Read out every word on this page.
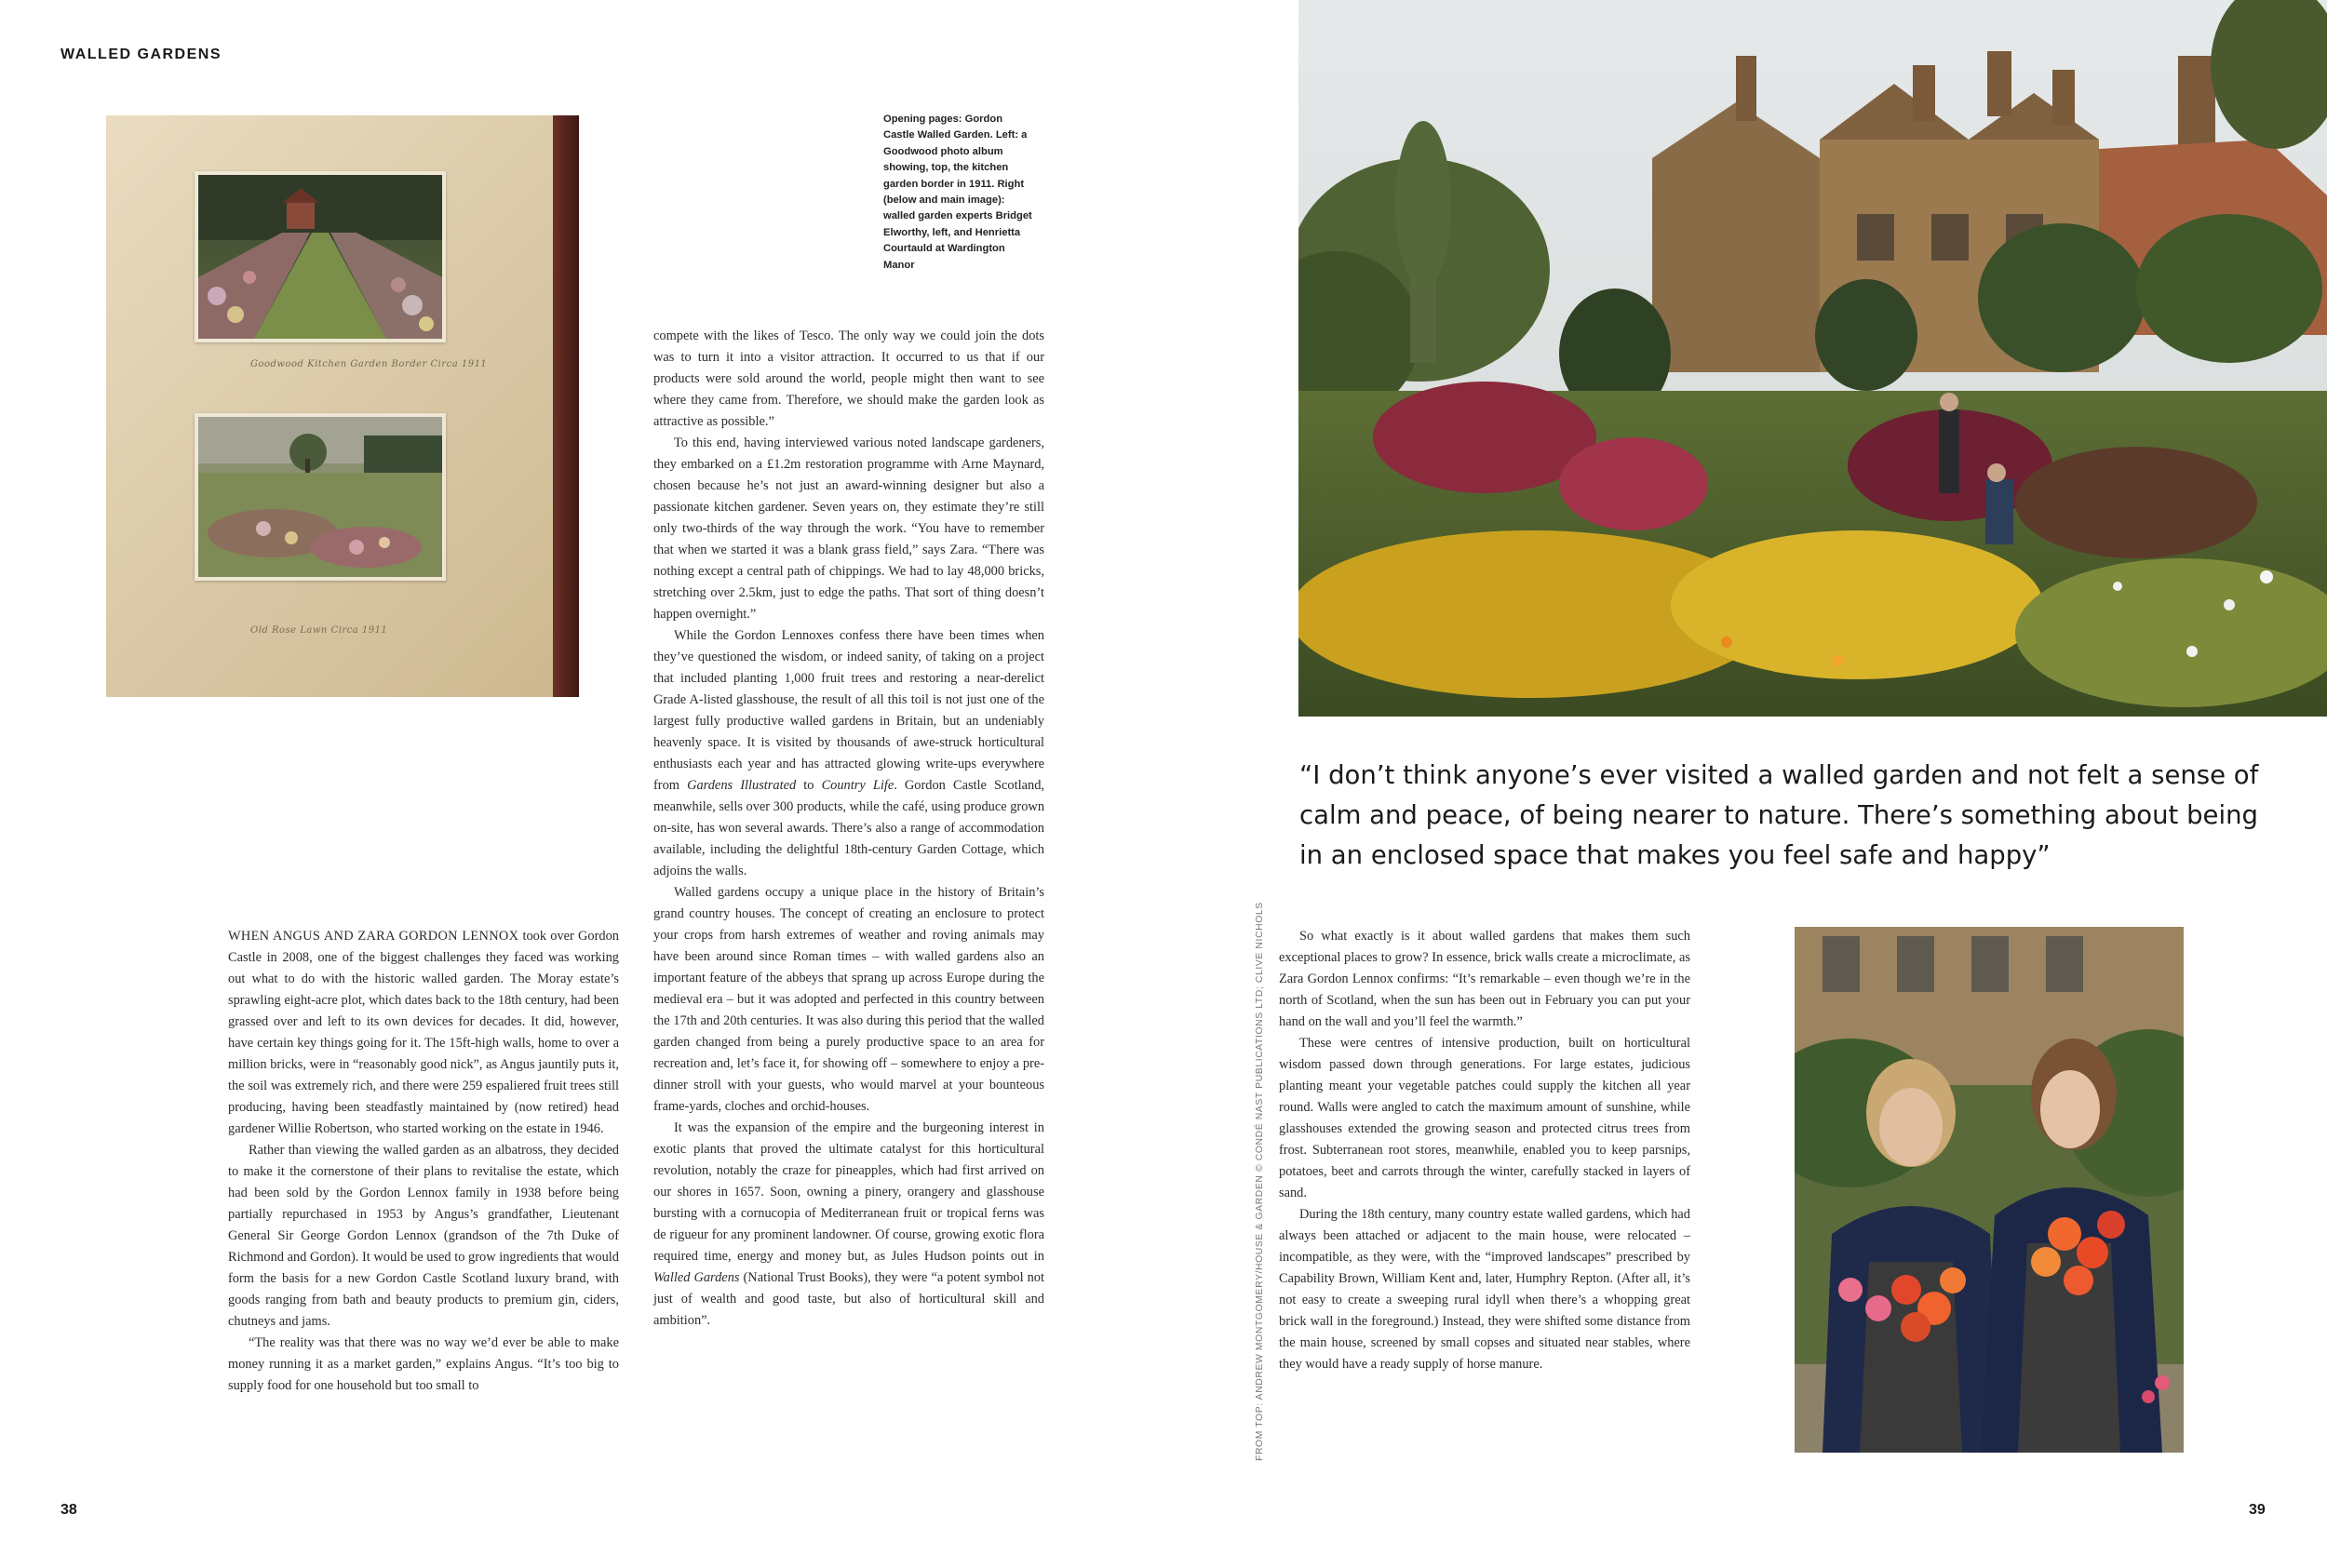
WALLED GARDENS
38	39
Goodwood Kitchen Garden Border Circa 1911
Old Rose Lawn Circa 1911
Opening pages: Gordon Castle Walled Garden. Left: a Goodwood photo album showing, top, the kitchen garden border in 1911. Right (below and main image): walled garden experts Bridget Elworthy, left, and Henrietta Courtauld at Wardington Manor

WHEN ANGUS AND ZARA GORDON LENNOX took over Gordon Castle in 2008, one of the biggest challenges they faced was working out what to do with the historic walled garden. The Moray estate’s sprawling eight-acre plot, which dates back to the 18th century, had been grassed over and left to its own devices for decades. It did, however, have certain key things going for it. The 15ft-high walls, home to over a million bricks, were in “reasonably good nick”, as Angus jauntily puts it, the soil was extremely rich, and there were 259 espaliered fruit trees still producing, having been steadfastly maintained by (now retired) head gardener Willie Robertson, who started working on the estate in 1946.

Rather than viewing the walled garden as an albatross, they decided to make it the cornerstone of their plans to revitalise the estate, which had been sold by the Gordon Lennox family in 1938 before being partially repurchased in 1953 by Angus’s grandfather, Lieutenant General Sir George Gordon Lennox (grandson of the 7th Duke of Richmond and Gordon). It would be used to grow ingredients that would form the basis for a new Gordon Castle Scotland luxury brand, with goods ranging from bath and beauty products to premium gin, ciders, chutneys and jams.

“The reality was that there was no way we’d ever be able to make money running it as a market garden,” explains Angus. “It’s too big to supply food for one household but too small to

compete with the likes of Tesco. The only way we could join the dots was to turn it into a visitor attraction. It occurred to us that if our products were sold around the world, people might then want to see where they came from. Therefore, we should make the garden look as attractive as possible.”

To this end, having interviewed various noted landscape gardeners, they embarked on a £1.2m restoration programme with Arne Maynard, chosen because he’s not just an award-winning designer but also a passionate kitchen gardener. Seven years on, they estimate they’re still only two-thirds of the way through the work. “You have to remember that when we started it was a blank grass field,” says Zara. “There was nothing except a central path of chippings. We had to lay 48,000 bricks, stretching over 2.5km, just to edge the paths. That sort of thing doesn’t happen overnight.”

While the Gordon Lennoxes confess there have been times when they’ve questioned the wisdom, or indeed sanity, of taking on a project that included planting 1,000 fruit trees and restoring a near-derelict Grade A-listed glasshouse, the result of all this toil is not just one of the largest fully productive walled gardens in Britain, but an undeniably heavenly space. It is visited by thousands of awe-struck horticultural enthusiasts each year and has attracted glowing write-ups everywhere from Gardens Illustrated to Country Life. Gordon Castle Scotland, meanwhile, sells over 300 products, while the café, using produce grown on-site, has won several awards. There’s also a range of accommodation available, including the delightful 18th-century Garden Cottage, which adjoins the walls.

Walled gardens occupy a unique place in the history of Britain’s grand country houses. The concept of creating an enclosure to protect your crops from harsh extremes of weather and roving animals may have been around since Roman times – with walled gardens also an important feature of the abbeys that sprang up across Europe during the medieval era – but it was adopted and perfected in this country between the 17th and 20th centuries. It was also during this period that the walled garden changed from being a purely productive space to an area for recreation and, let’s face it, for showing off – somewhere to enjoy a pre-dinner stroll with your guests, who would marvel at your bounteous frame-yards, cloches and orchid-houses.

It was the expansion of the empire and the burgeoning interest in exotic plants that proved the ultimate catalyst for this horticultural revolution, notably the craze for pineapples, which had first arrived on our shores in 1657. Soon, owning a pinery, orangery and glasshouse bursting with a cornucopia of Mediterranean fruit or tropical ferns was de rigueur for any prominent landowner. Of course, growing exotic flora required time, energy and money but, as Jules Hudson points out in Walled Gardens (National Trust Books), they were “a potent symbol not just of wealth and good taste, but also of horticultural skill and ambition”.

“I don’t think anyone’s ever visited a walled garden and not felt a sense of calm and peace, of being nearer to nature. There’s something about being in an enclosed space that makes you feel safe and happy”
FROM TOP: ANDREW MONTGOMERY/HOUSE & GARDEN © CONDÉ NAST PUBLICATIONS LTD; CLIVE NICHOLS	So what exactly is it about walled gardens that makes them such exceptional places to grow? In essence, brick walls create a microclimate, as Zara Gordon Lennox confirms: “It’s remarkable – even though we’re in the north of Scotland, when the sun has been out in February you can put your hand on the wall and you’ll feel the warmth.”

These were centres of intensive production, built on horticultural wisdom passed down through generations. For large estates, judicious planting meant your vegetable patches could supply the kitchen all year round. Walls were angled to catch the maximum amount of sunshine, while glasshouses extended the growing season and protected citrus trees from frost. Subterranean root stores, meanwhile, enabled you to keep parsnips, potatoes, beet and carrots through the winter, carefully stacked in layers of sand.

During the 18th century, many country estate walled gardens, which had always been attached or adjacent to the main house, were relocated – incompatible, as they were, with the “improved landscapes” prescribed by Capability Brown, William Kent and, later, Humphry Repton. (After all, it’s not easy to create a sweeping rural idyll when there’s a whopping great brick wall in the foreground.) Instead, they were shifted some distance from the main house, screened by small copses and situated near stables, where they would have a ready supply of horse manure.
